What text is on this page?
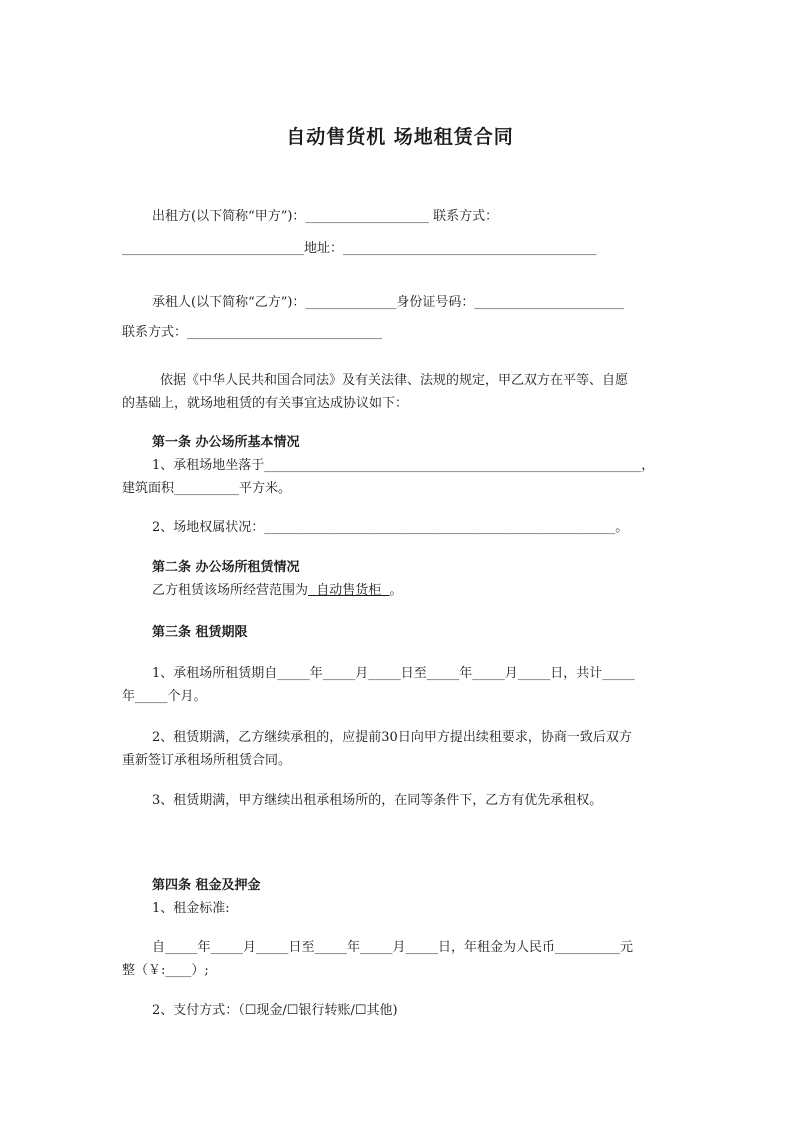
自动售货机 场地租赁合同
出租方(以下简称“甲方”)：___________________ 联系方式：
____________________________地址：_______________________________________
承租人(以下简称“乙方”)：______________身份证号码：_______________________
联系方式：______________________________
依据《中华人民共和国合同法》及有关法律、法规的规定，甲乙双方在平等、自愿
的基础上，就场地租赁的有关事宜达成协议如下：
第一条 办公场所基本情况
1、承租场地坐落于__________________________________________________________，
建筑面积__________平方米。
2、场地权属状况：______________________________________________________。
第二条 办公场所租赁情况
乙方租赁该场所经营范围为  自动售货柜  。
第三条 租赁期限
1、承租场所租赁期自_____年_____月_____日至_____年_____月_____日，共计_____
年_____个月。
2、租赁期满，乙方继续承租的，应提前30日向甲方提出续租要求，协商一致后双方
重新签订承租场所租赁合同。
3、租赁期满，甲方继续出租承租场所的，在同等条件下，乙方有优先承租权。
第四条 租金及押金
1、租金标准:
自_____年_____月_____日至_____年_____月_____日，年租金为人民币__________元
整（￥:____）;
2、支付方式：（☐现金/☐银行转账/☐其他)
